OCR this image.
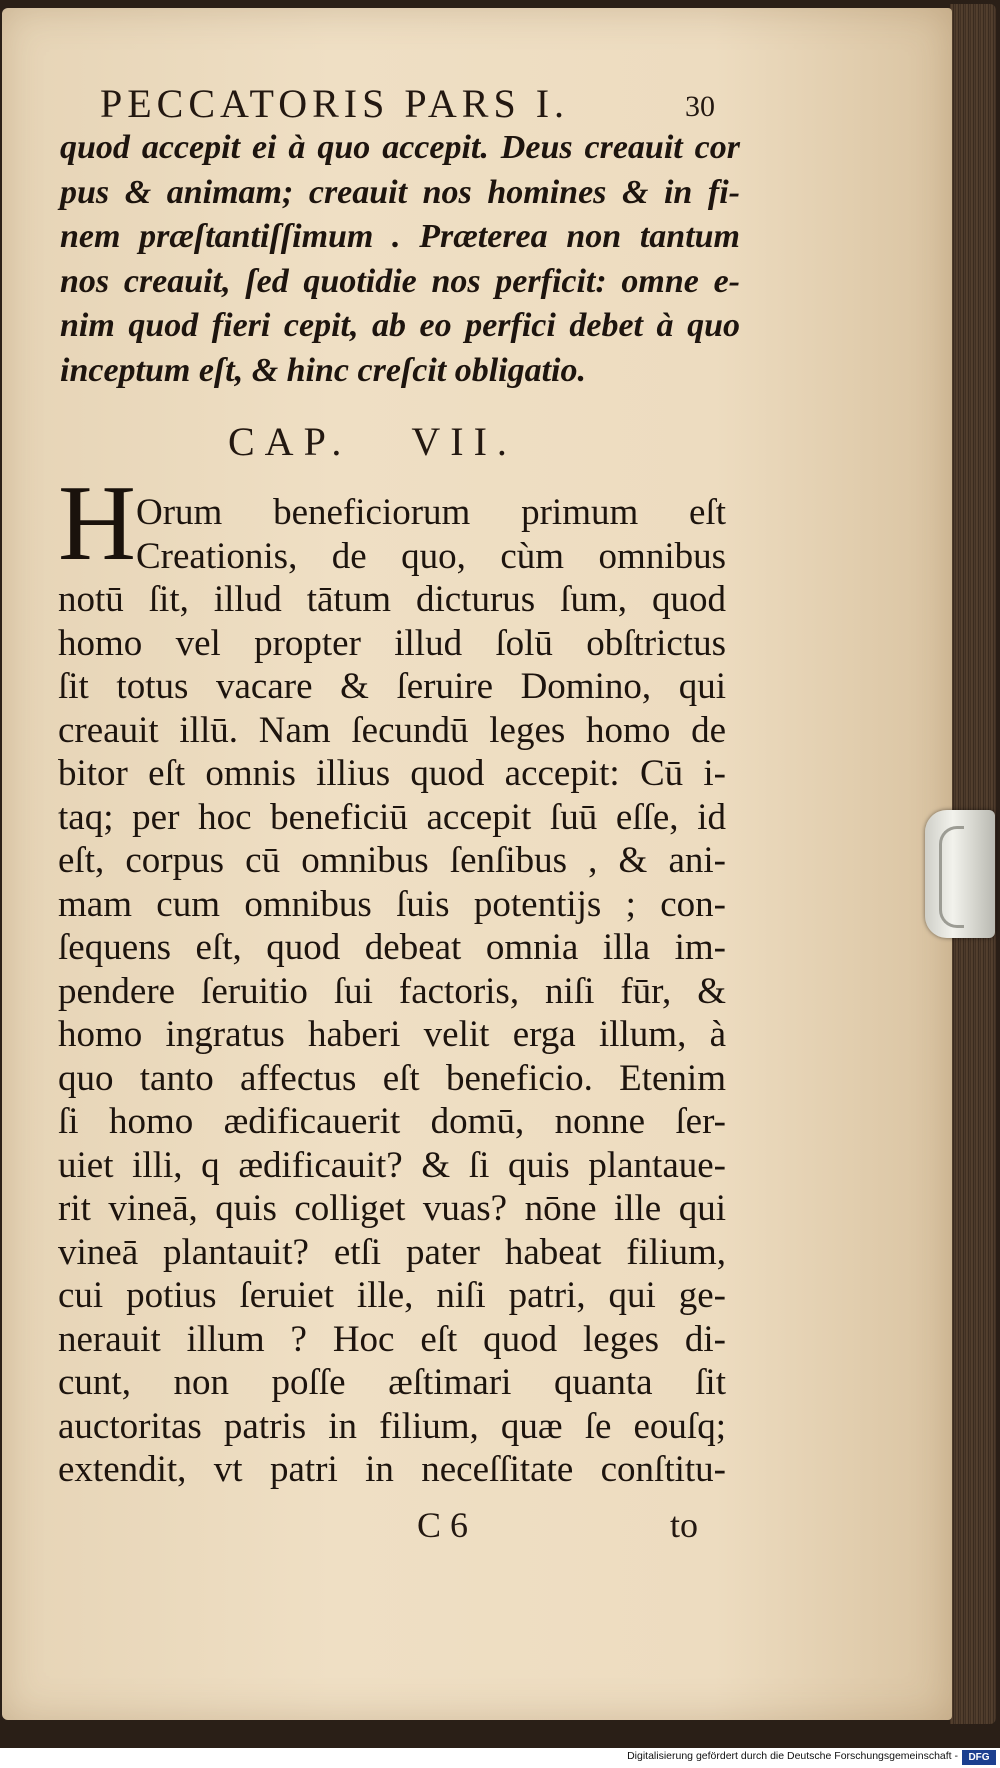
PECCATORIS PARS I.	30
quod accepit ei à quo accepit. Deus creauit cor
pus & animam; creauit nos homines & in fi-
nem præſtantiſſimum . Præterea non tantum
nos creauit, ſed quotidie nos perficit: omne e-
nim quod fieri cepit, ab eo perfici debet à quo
inceptum eſt, & hinc creſcit obligatio.
CAP. VII.
H Orum beneficiorum primum eſt
Creationis, de quo, cùm omnibus
notū ſit, illud tātum dicturus ſum, quod
homo vel propter illud ſolū obſtrictus
ſit totus vacare & ſeruire Domino, qui
creauit illū. Nam ſecundū leges homo de
bitor eſt omnis illius quod accepit: Cū i-
taq; per hoc beneficiū accepit ſuū eſſe, id
eſt, corpus cū omnibus ſenſibus , & ani-
mam cum omnibus ſuis potentijs ; con-
ſequens eſt, quod debeat omnia illa im-
pendere ſeruitio ſui factoris, niſi fūr, &
homo ingratus haberi velit erga illum, à
quo tanto affectus eſt beneficio. Etenim
ſi homo ædificauerit domū, nonne ſer-
uiet illi, q ædificauit? & ſi quis plantaue-
rit vineā, quis colliget vuas? nōne ille qui
vineā plantauit? etſi pater habeat filium,
cui potius ſeruiet ille, niſi patri, qui ge-
nerauit illum ? Hoc eſt quod leges di-
cunt, non poſſe æſtimari quanta ſit
auctoritas patris in filium, quæ ſe eouſq;
extendit, vt patri in neceſſitate conſtitu-
C 6	to
Digitalisierung gefördert durch die Deutsche Forschungsgemeinschaft -	DFG
